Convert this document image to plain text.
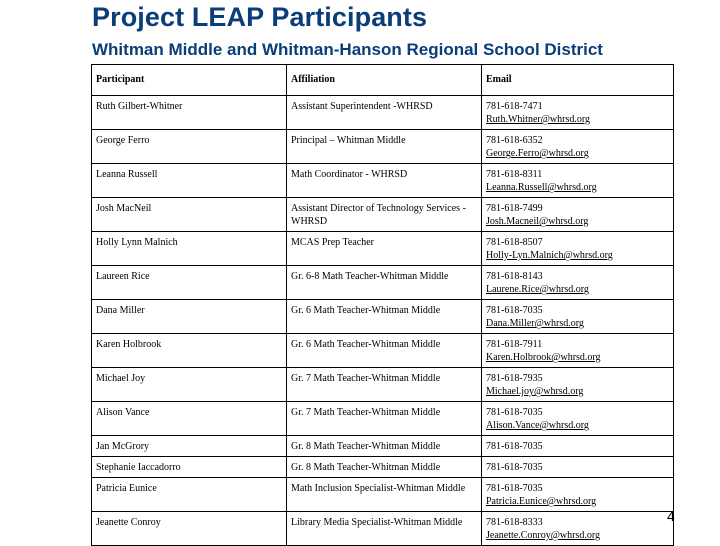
Project LEAP Participants
Whitman Middle and Whitman-Hanson Regional School District
Participant	Affiliation	Email
Ruth Gilbert-Whitner	Assistant Superintendent -WHRSD	781-618-7471
Ruth.Whitner@whrsd.org

George Ferro	Principal – Whitman Middle	781-618-6352
George.Ferro@whrsd.org

Leanna Russell	Math Coordinator - WHRSD	781-618-8311
Leanna.Russell@whrsd.org

Josh MacNeil	Assistant Director of Technology Services - WHRSD	781-618-7499
Josh.Macneil@whrsd.org

Holly Lynn Malnich	MCAS Prep Teacher	781-618-8507
Holly-Lyn.Malnich@whrsd.org

Laureen Rice	Gr. 6-8 Math Teacher-Whitman Middle	781-618-8143
Laurene.Rice@whrsd.org

Dana Miller	Gr. 6 Math Teacher-Whitman Middle	781-618-7035
Dana.Miller@whrsd.org

Karen Holbrook	Gr. 6 Math Teacher-Whitman Middle	781-618-7911
Karen.Holbrook@whrsd.org

Michael Joy	Gr. 7 Math Teacher-Whitman Middle	781-618-7935
Michael.joy@whrsd.org

Alison Vance	Gr. 7 Math Teacher-Whitman Middle	781-618-7035
Alison.Vance@whrsd.org

Jan McGrory	Gr. 8 Math Teacher-Whitman Middle	781-618-7035

Stephanie Iaccadorro	Gr. 8 Math Teacher-Whitman Middle	781-618-7035

Patricia Eunice	Math Inclusion Specialist-Whitman Middle	781-618-7035
Patricia.Eunice@whrsd.org

Jeanette Conroy	Library Media Specialist-Whitman Middle	781-618-8333
Jeanette.Conroy@whrsd.org
4
